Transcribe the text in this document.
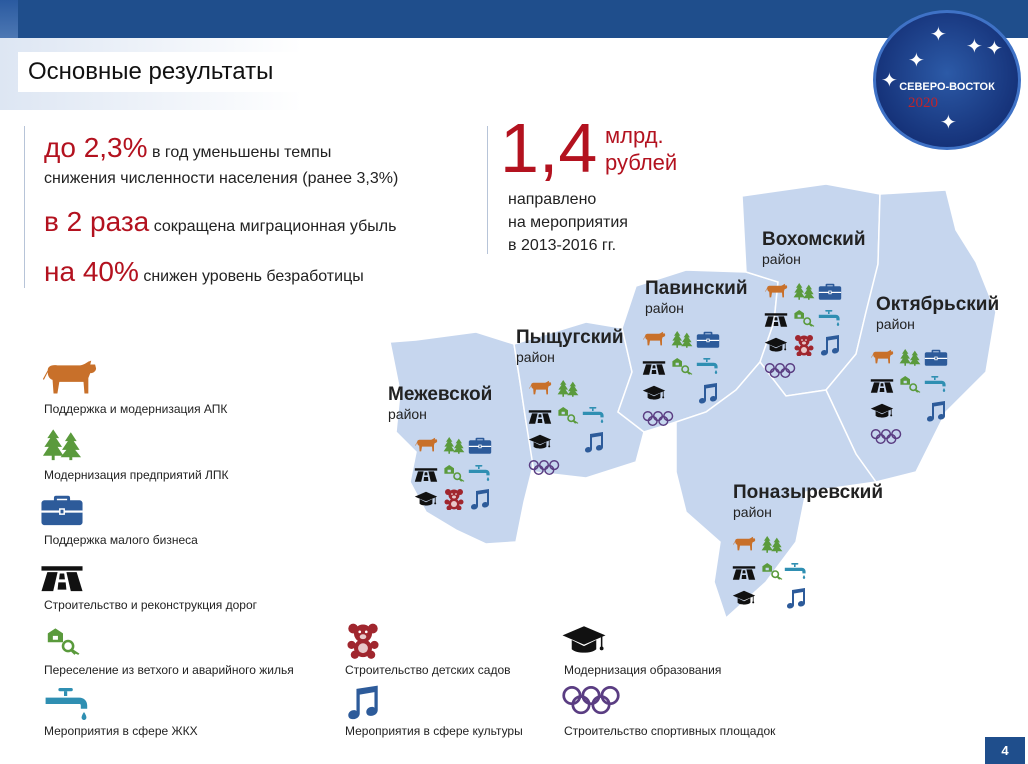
Основные результаты
✦
✦ ✦
✦
✦
✦
СЕВЕРО-ВОСТОК
2020
до 2,3% в год уменьшены темпы
снижения численности населения (ранее 3,3%)
в 2 раза сокращена миграционная убыль
на 40% снижен уровень безработицы
1,4 млрд.
рублей
направлено
на мероприятия
в 2013-2016 гг.
Межевской
район
Пыщугский
район
Павинский
район
Вохомский
район
Октябрьский
район
Поназыревский
район
Поддержка и модернизация АПК
Модернизация предприятий ЛПК
Поддержка малого бизнеса
Строительство и реконструкция дорог
Переселение из ветхого и аварийного жилья	Строительство детских садов	Модернизация образования
Мероприятия в сфере ЖКХ	Мероприятия в сфере культуры	Строительство спортивных площадок
4
